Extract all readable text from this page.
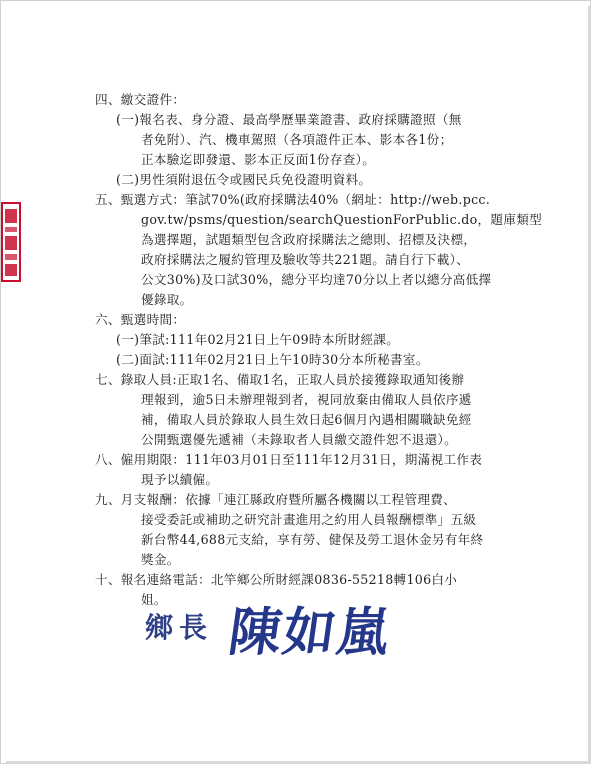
四、繳交證件：
(一)報名表、身分證、最高學歷畢業證書、政府採購證照（無
者免附）、汽、機車駕照（各項證件正本、影本各1份；
正本驗迄即發還、影本正反面1份存查）。
(二)男性須附退伍令或國民兵免役證明資料。
五、甄選方式：筆試70%(政府採購法40%（網址：http://web.pcc.
gov.tw/psms/question/searchQuestionForPublic.do，題庫類型
為選擇題，試題類型包含政府採購法之總則、招標及決標，
政府採購法之履約管理及驗收等共221題。請自行下載）、
公文30%)及口試30%，總分平均達70分以上者以總分高低擇
優錄取。
六、甄選時間：
(一)筆試:111年02月21日上午09時本所財經課。
(二)面試:111年02月21日上午10時30分本所秘書室。
七、錄取人員:正取1名、備取1名，正取人員於接獲錄取通知後辦
理報到，逾5日未辦理報到者，視同放棄由備取人員依序遞
補，備取人員於錄取人員生效日起6個月內遇相關職缺免經
公開甄選優先遞補（未錄取者人員繳交證件恕不退還）。
八、僱用期限：111年03月01日至111年12月31日，期滿視工作表
現予以續僱。
九、月支報酬：依據「連江縣政府暨所屬各機關以工程管理費、
接受委託或補助之研究計畫進用之約用人員報酬標準」五級
新台幣44,688元支給，享有勞、健保及勞工退休金另有年終
獎金。
十、報名連絡電話：北竿鄉公所財經課0836-55218轉106白小
姐。
鄉長 陳如嵐
